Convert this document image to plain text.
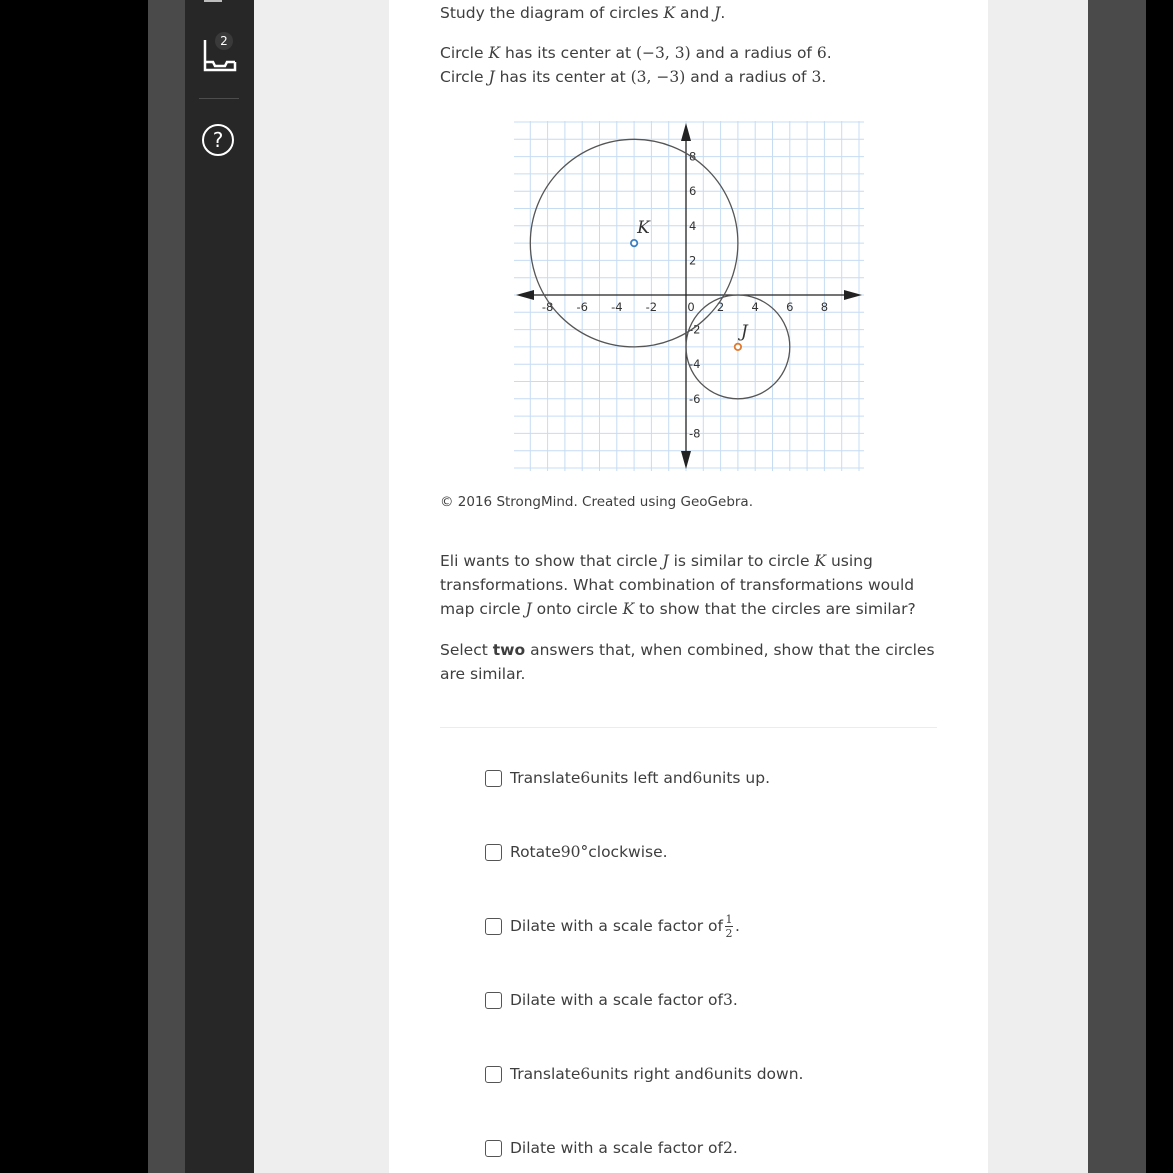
2
?
Study the diagram of circles K and J.
Circle K has its center at (−3, 3) and a radius of 6.
Circle J has its center at (3, −3) and a radius of 3.
-8 -6 -4 -2	0 2 4 6 8
8
6
4
2
-2
-4
-6
-8
K
J
© 2016 StrongMind. Created using GeoGebra.
Eli wants to show that circle J is similar to circle K using
transformations. What combination of transformations would
map circle J onto circle K to show that the circles are similar?
Select two answers that, when combined, show that the circles
are similar.
Translate 6 units left and 6 units up.
Rotate 90° clockwise.
Dilate with a scale factor of $\frac{1}{2}$ .
Dilate with a scale factor of 3 .
Translate 6 units right and 6 units down.
Dilate with a scale factor of 2 .
